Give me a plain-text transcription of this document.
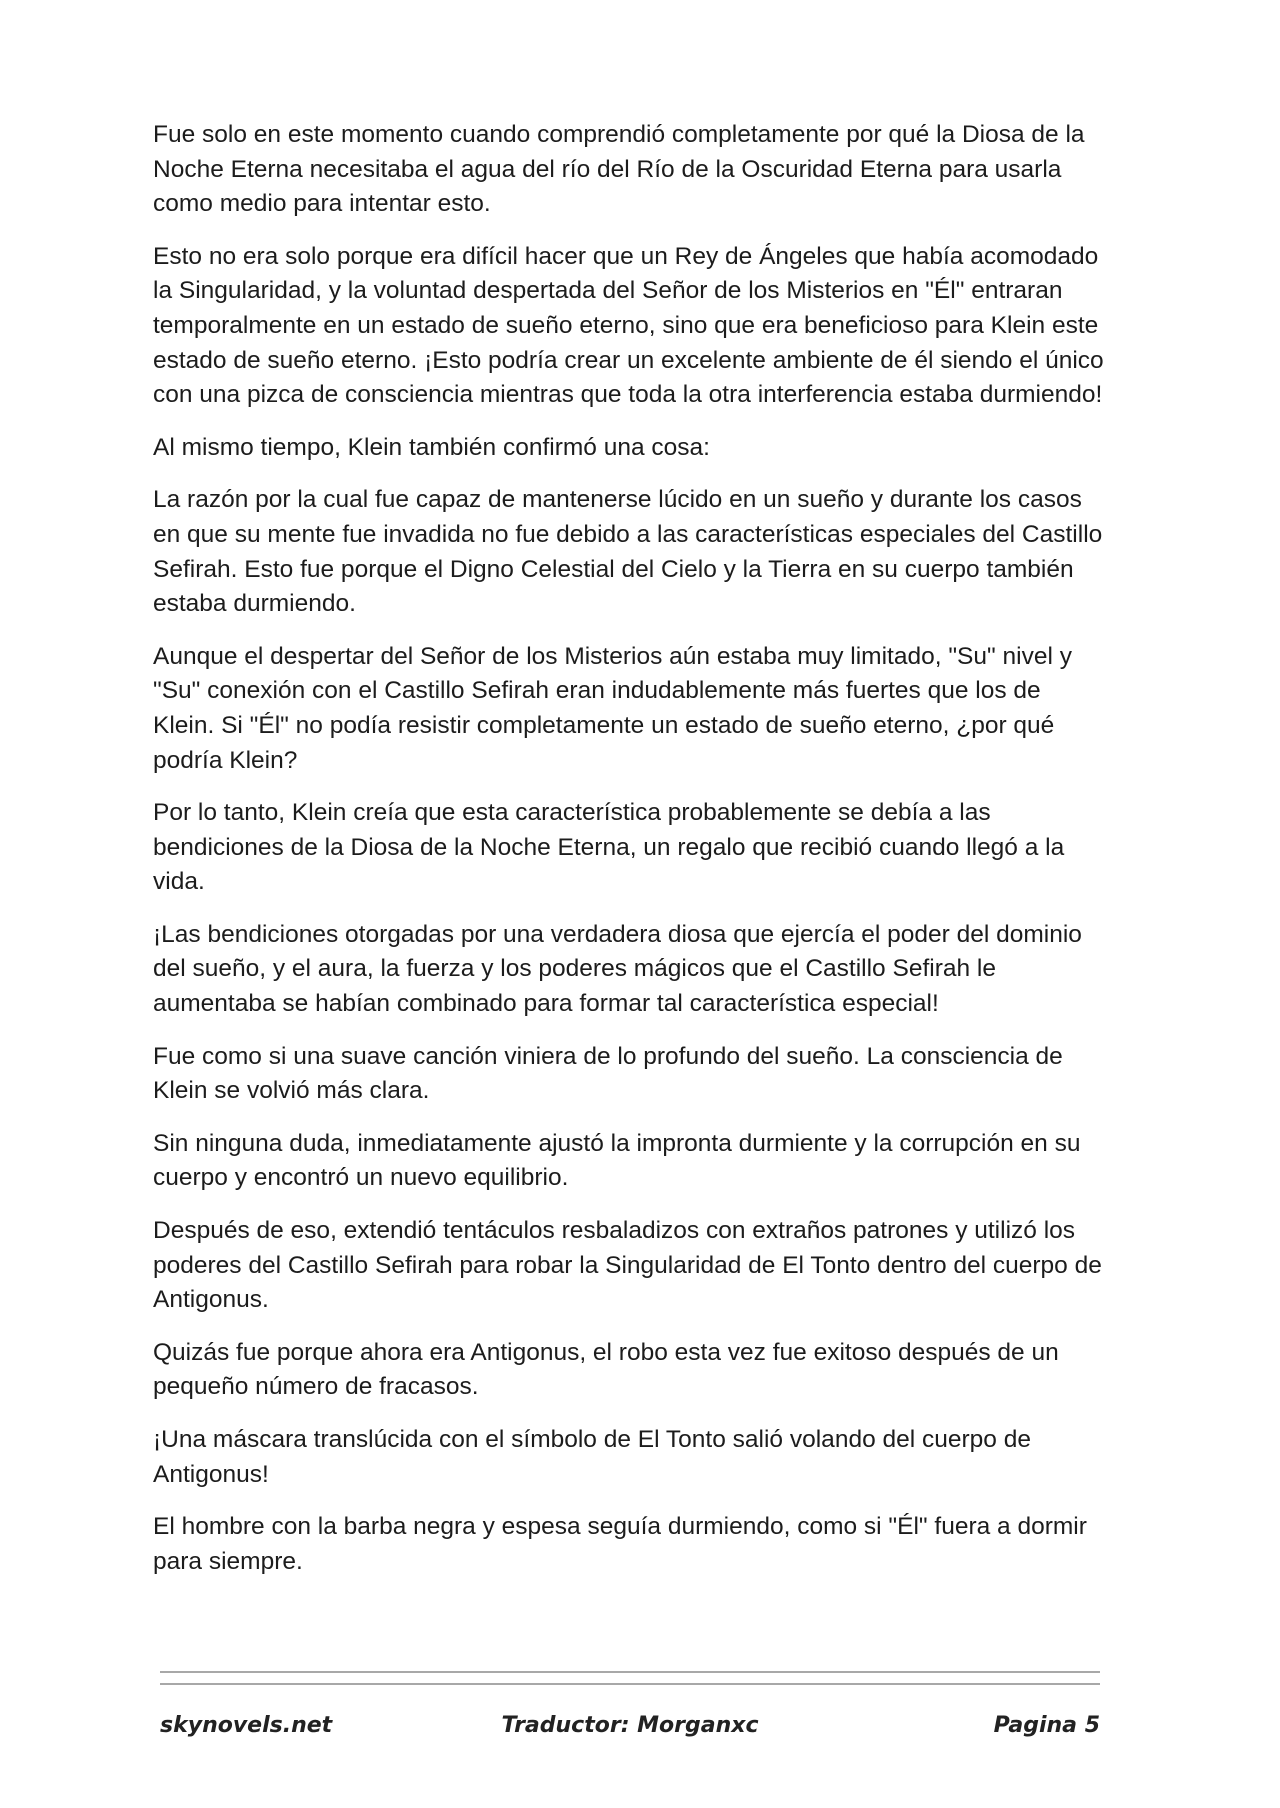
Fue solo en este momento cuando comprendió completamente por qué la Diosa de la Noche Eterna necesitaba el agua del río del Río de la Oscuridad Eterna para usarla como medio para intentar esto.

Esto no era solo porque era difícil hacer que un Rey de Ángeles que había acomodado la Singularidad, y la voluntad despertada del Señor de los Misterios en "Él" entraran temporalmente en un estado de sueño eterno, sino que era beneficioso para Klein este estado de sueño eterno. ¡Esto podría crear un excelente ambiente de él siendo el único con una pizca de consciencia mientras que toda la otra interferencia estaba durmiendo!

Al mismo tiempo, Klein también confirmó una cosa:

La razón por la cual fue capaz de mantenerse lúcido en un sueño y durante los casos en que su mente fue invadida no fue debido a las características especiales del Castillo Sefirah. Esto fue porque el Digno Celestial del Cielo y la Tierra en su cuerpo también estaba durmiendo.

Aunque el despertar del Señor de los Misterios aún estaba muy limitado, "Su" nivel y "Su" conexión con el Castillo Sefirah eran indudablemente más fuertes que los de Klein. Si "Él" no podía resistir completamente un estado de sueño eterno, ¿por qué podría Klein?

Por lo tanto, Klein creía que esta característica probablemente se debía a las bendiciones de la Diosa de la Noche Eterna, un regalo que recibió cuando llegó a la vida.

¡Las bendiciones otorgadas por una verdadera diosa que ejercía el poder del dominio del sueño, y el aura, la fuerza y los poderes mágicos que el Castillo Sefirah le aumentaba se habían combinado para formar tal característica especial!

Fue como si una suave canción viniera de lo profundo del sueño. La consciencia de Klein se volvió más clara.

Sin ninguna duda, inmediatamente ajustó la impronta durmiente y la corrupción en su cuerpo y encontró un nuevo equilibrio.

Después de eso, extendió tentáculos resbaladizos con extraños patrones y utilizó los poderes del Castillo Sefirah para robar la Singularidad de El Tonto dentro del cuerpo de Antigonus.

Quizás fue porque ahora era Antigonus, el robo esta vez fue exitoso después de un pequeño número de fracasos.

¡Una máscara translúcida con el símbolo de El Tonto salió volando del cuerpo de Antigonus!

El hombre con la barba negra y espesa seguía durmiendo, como si "Él" fuera a dormir para siempre.

skynovels.net	Traductor: Morganxc	Pagina 5
